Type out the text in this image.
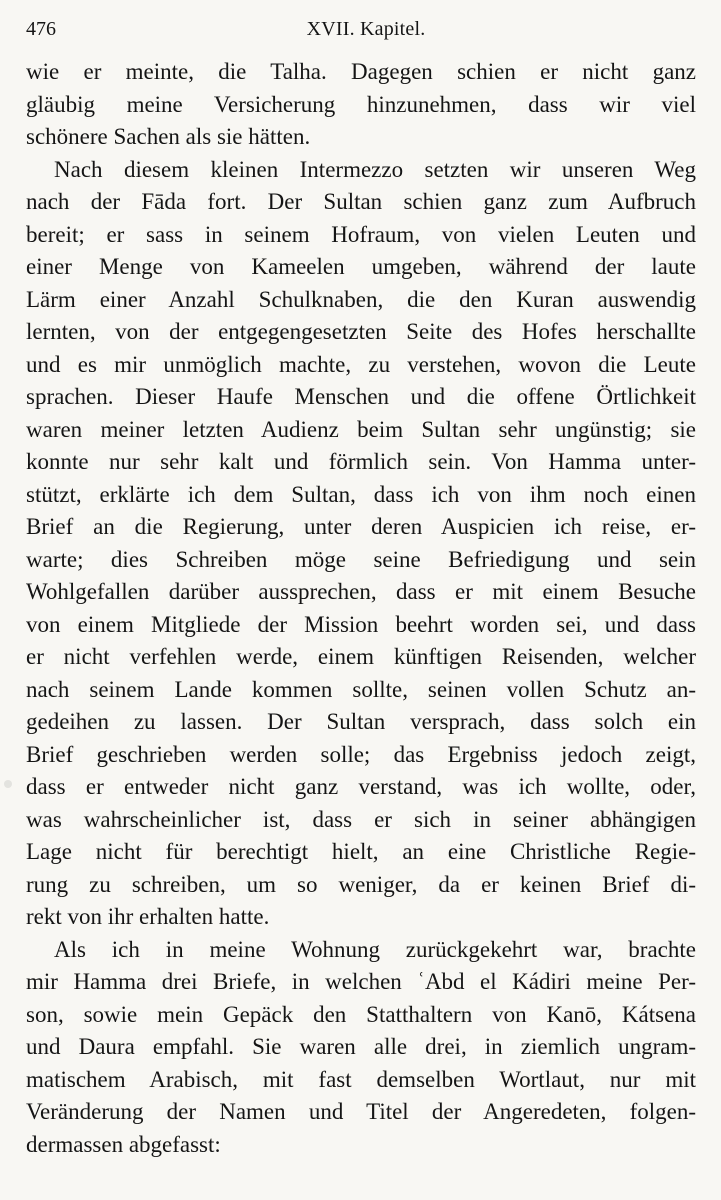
476	XVII. Kapitel.

wie er meinte, die Talha. Dagegen schien er nicht ganz
gläubig meine Versicherung hinzunehmen, dass wir viel
schönere Sachen als sie hätten.

Nach diesem kleinen Intermezzo setzten wir unseren Weg
nach der Fāda fort. Der Sultan schien ganz zum Aufbruch
bereit; er sass in seinem Hofraum, von vielen Leuten und
einer Menge von Kameelen umgeben, während der laute
Lärm einer Anzahl Schulknaben, die den Kuran auswendig
lernten, von der entgegengesetzten Seite des Hofes herschallte
und es mir unmöglich machte, zu verstehen, wovon die Leute
sprachen. Dieser Haufe Menschen und die offene Örtlichkeit
waren meiner letzten Audienz beim Sultan sehr ungünstig; sie
konnte nur sehr kalt und förmlich sein. Von Hamma unter-
stützt, erklärte ich dem Sultan, dass ich von ihm noch einen
Brief an die Regierung, unter deren Auspicien ich reise, er-
warte; dies Schreiben möge seine Befriedigung und sein
Wohlgefallen darüber aussprechen, dass er mit einem Besuche
von einem Mitgliede der Mission beehrt worden sei, und dass
er nicht verfehlen werde, einem künftigen Reisenden, welcher
nach seinem Lande kommen sollte, seinen vollen Schutz an-
gedeihen zu lassen. Der Sultan versprach, dass solch ein
Brief geschrieben werden solle; das Ergebniss jedoch zeigt,
dass er entweder nicht ganz verstand, was ich wollte, oder,
was wahrscheinlicher ist, dass er sich in seiner abhängigen
Lage nicht für berechtigt hielt, an eine Christliche Regie-
rung zu schreiben, um so weniger, da er keinen Brief di-
rekt von ihr erhalten hatte.

Als ich in meine Wohnung zurückgekehrt war, brachte
mir Hamma drei Briefe, in welchen ʿAbd el Kádiri meine Per-
son, sowie mein Gepäck den Statthaltern von Kanō, Kátsena
und Daura empfahl. Sie waren alle drei, in ziemlich ungram-
matischem Arabisch, mit fast demselben Wortlaut, nur mit
Veränderung der Namen und Titel der Angeredeten, folgen-
dermassen abgefasst:
